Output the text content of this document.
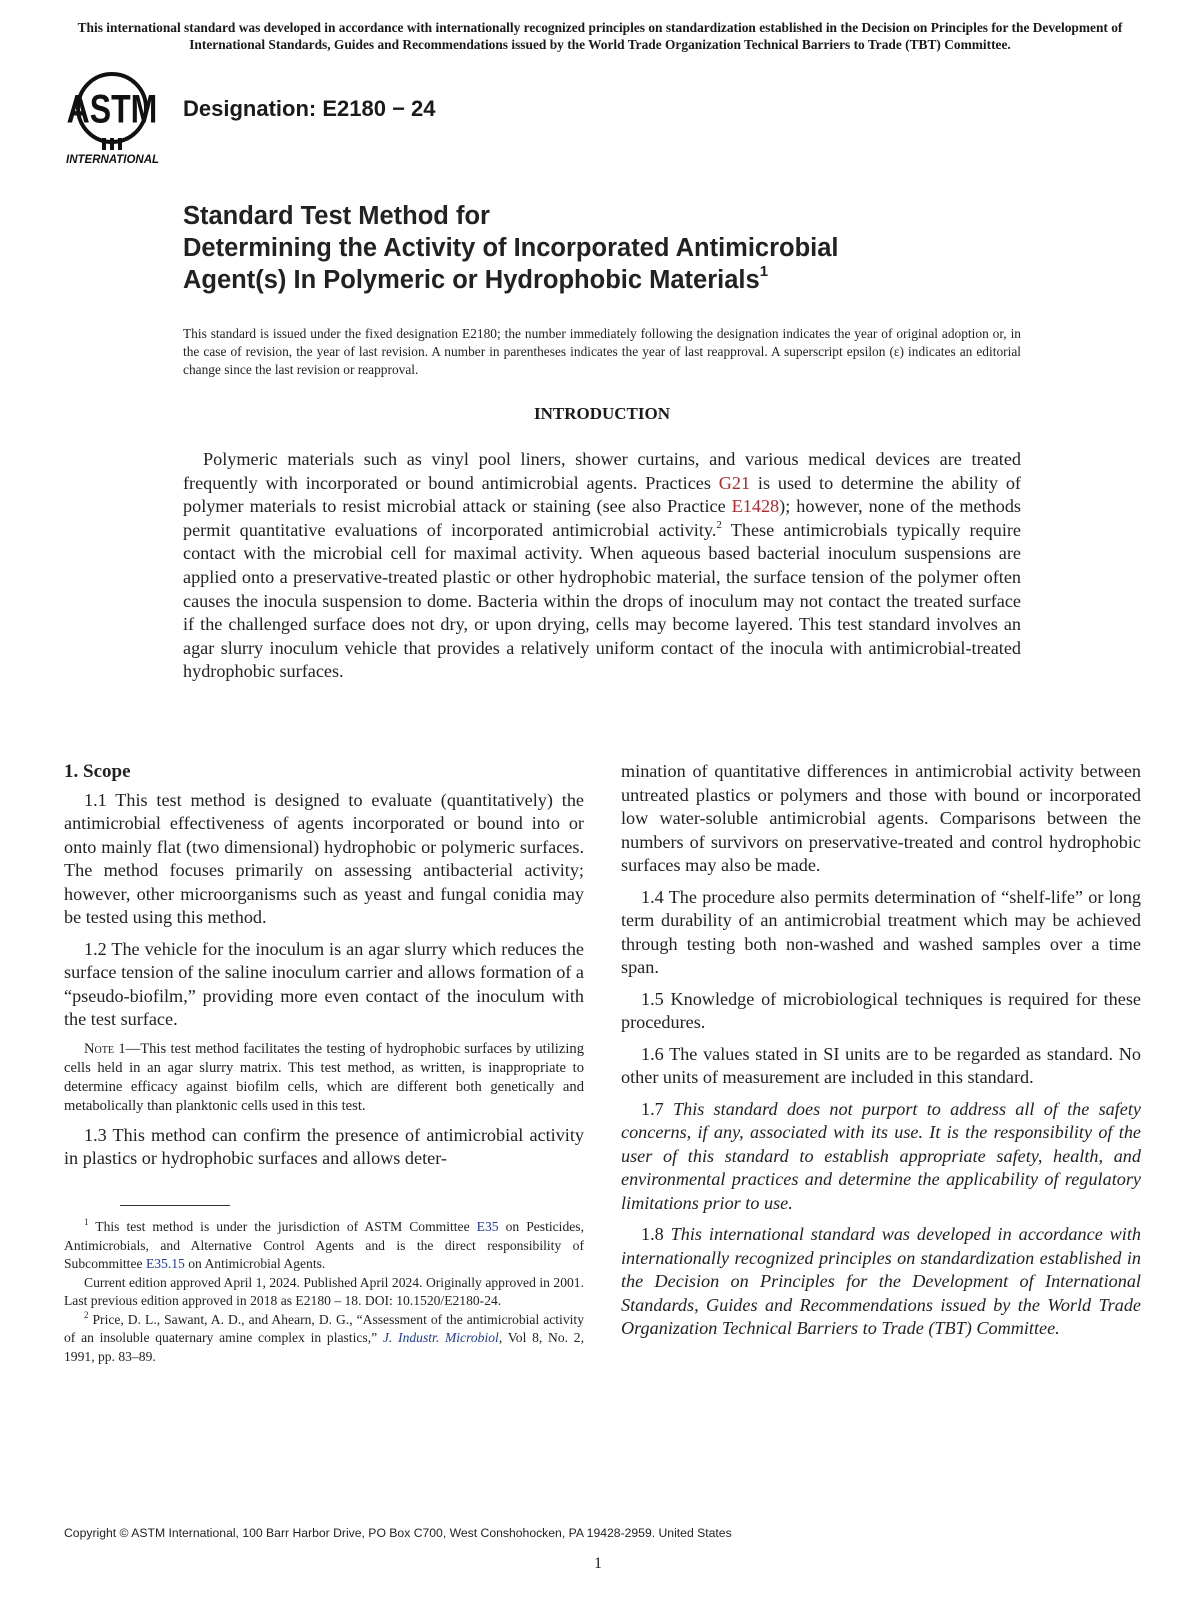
This international standard was developed in accordance with internationally recognized principles on standardization established in the Decision on Principles for the Development of International Standards, Guides and Recommendations issued by the World Trade Organization Technical Barriers to Trade (TBT) Committee.
ASTM
INTERNATIONAL
Designation: E2180 − 24
Standard Test Method for
Determining the Activity of Incorporated Antimicrobial
Agent(s) In Polymeric or Hydrophobic Materials$^1$
This standard is issued under the fixed designation E2180; the number immediately following the designation indicates the year of original adoption or, in the case of revision, the year of last revision. A number in parentheses indicates the year of last reapproval. A superscript epsilon (ε) indicates an editorial change since the last revision or reapproval.
INTRODUCTION
Polymeric materials such as vinyl pool liners, shower curtains, and various medical devices are treated frequently with incorporated or bound antimicrobial agents. Practices G21 is used to determine the ability of polymer materials to resist microbial attack or staining (see also Practice E1428); however, none of the methods permit quantitative evaluations of incorporated antimicrobial activity.$^2$ These antimicrobials typically require contact with the microbial cell for maximal activity. When aqueous based bacterial inoculum suspensions are applied onto a preservative-treated plastic or other hydrophobic material, the surface tension of the polymer often causes the inocula suspension to dome. Bacteria within the drops of inoculum may not contact the treated surface if the challenged surface does not dry, or upon drying, cells may become layered. This test standard involves an agar slurry inoculum vehicle that provides a relatively uniform contact of the inocula with antimicrobial-treated hydrophobic surfaces.
1. Scope

1.1 This test method is designed to evaluate (quantitatively) the antimicrobial effectiveness of agents incorporated or bound into or onto mainly flat (two dimensional) hydrophobic or polymeric surfaces. The method focuses primarily on assessing antibacterial activity; however, other microorganisms such as yeast and fungal conidia may be tested using this method.

1.2 The vehicle for the inoculum is an agar slurry which reduces the surface tension of the saline inoculum carrier and allows formation of a “pseudo-biofilm,” providing more even contact of the inoculum with the test surface.

Note 1—This test method facilitates the testing of hydrophobic surfaces by utilizing cells held in an agar slurry matrix. This test method, as written, is inappropriate to determine efficacy against biofilm cells, which are different both genetically and metabolically than planktonic cells used in this test.

1.3 This method can confirm the presence of antimicrobial activity in plastics or hydrophobic surfaces and allows deter-

$^1$ This test method is under the jurisdiction of ASTM Committee E35 on Pesticides, Antimicrobials, and Alternative Control Agents and is the direct responsibility of Subcommittee E35.15 on Antimicrobial Agents.

Current edition approved April 1, 2024. Published April 2024. Originally approved in 2001. Last previous edition approved in 2018 as E2180 – 18. DOI: 10.1520/E2180-24.

$^2$ Price, D. L., Sawant, A. D., and Ahearn, D. G., “Assessment of the antimicrobial activity of an insoluble quaternary amine complex in plastics,” J. Industr. Microbiol, Vol 8, No. 2, 1991, pp. 83–89.

mination of quantitative differences in antimicrobial activity between untreated plastics or polymers and those with bound or incorporated low water-soluble antimicrobial agents. Comparisons between the numbers of survivors on preservative-treated and control hydrophobic surfaces may also be made.

1.4 The procedure also permits determination of “shelf-life” or long term durability of an antimicrobial treatment which may be achieved through testing both non-washed and washed samples over a time span.

1.5 Knowledge of microbiological techniques is required for these procedures.

1.6 The values stated in SI units are to be regarded as standard. No other units of measurement are included in this standard.

1.7 This standard does not purport to address all of the safety concerns, if any, associated with its use. It is the responsibility of the user of this standard to establish appropriate safety, health, and environmental practices and determine the applicability of regulatory limitations prior to use.

1.8 This international standard was developed in accordance with internationally recognized principles on standardization established in the Decision on Principles for the Development of International Standards, Guides and Recommendations issued by the World Trade Organization Technical Barriers to Trade (TBT) Committee.

Copyright © ASTM International, 100 Barr Harbor Drive, PO Box C700, West Conshohocken, PA 19428-2959. United States
1
